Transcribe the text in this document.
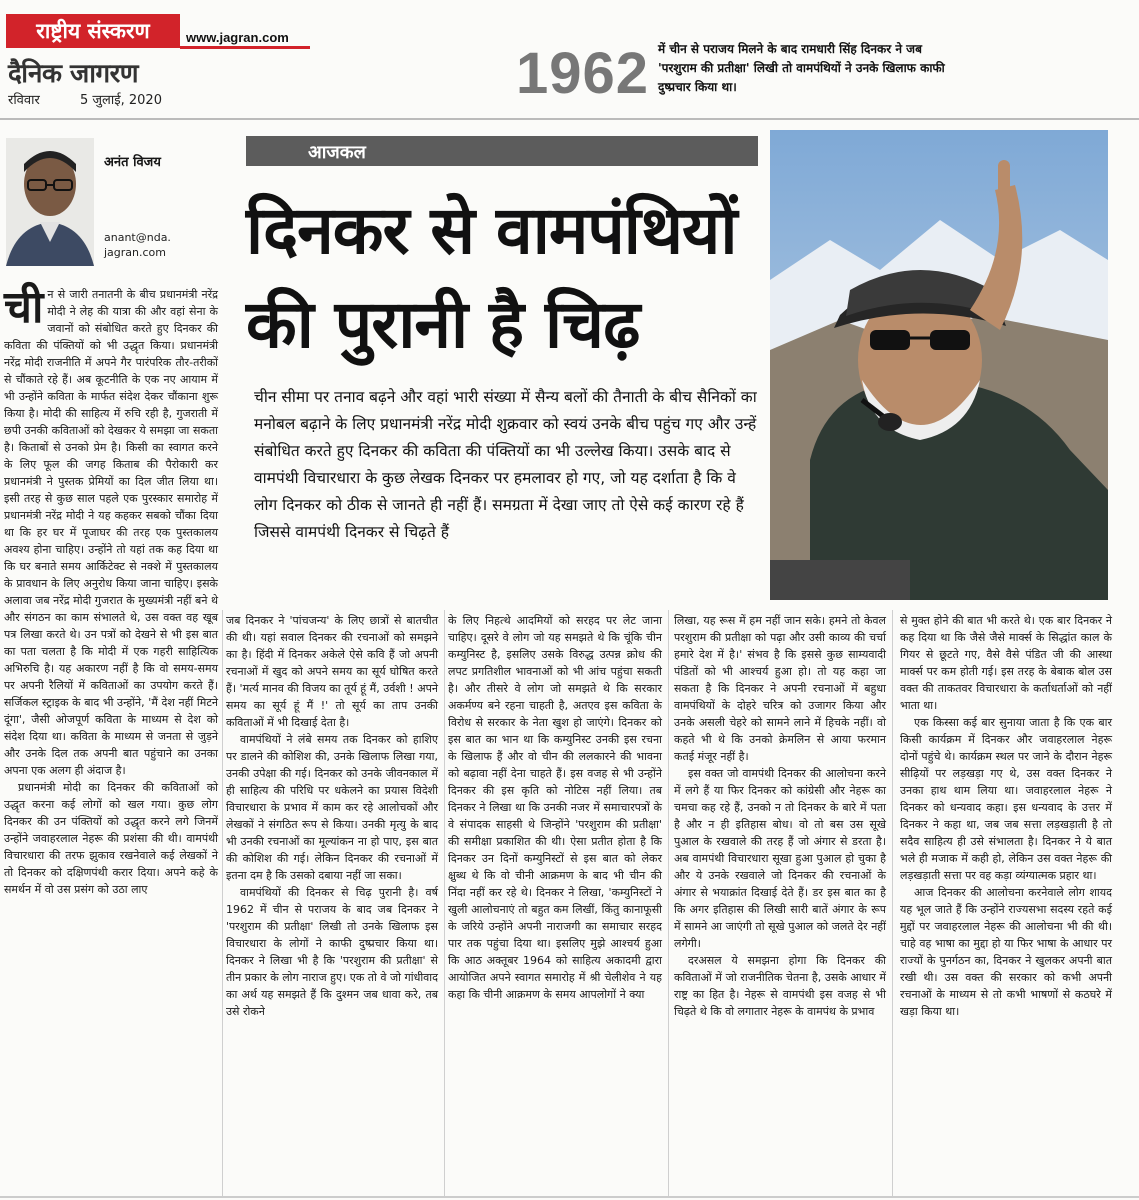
राष्ट्रीय संस्करण	www.jagran.com
दैनिक जागरण
रविवार	5 जुलाई, 2020	1962 में चीन से पराजय मिलने के बाद रामधारी सिंह दिनकर ने जब 'परशुराम की प्रतीक्षा' लिखी तो वामपंथियों ने उनके खिलाफ काफी दुष्प्रचार किया था।
अनंत विजय
anant@nda.
jagran.com
आजकल
दिनकर से वामपंथियों
की पुरानी है चिढ़
चीन सीमा पर तनाव बढ़ने और वहां भारी संख्या में सैन्य बलों की तैनाती के बीच सैनिकों का मनोबल बढ़ाने के लिए प्रधानमंत्री नरेंद्र मोदी शुक्रवार को स्वयं उनके बीच पहुंच गए और उन्हें संबोधित करते हुए दिनकर की कविता की पंक्तियों का भी उल्लेख किया। उसके बाद से वामपंथी विचारधारा के कुछ लेखक दिनकर पर हमलावर हो गए, जो यह दर्शाता है कि वे लोग दिनकर को ठीक से जानते ही नहीं हैं। समग्रता में देखा जाए तो ऐसे कई कारण रहे हैं जिससे वामपंथी दिनकर से चिढ़ते हैं

चीन से जारी तनातनी के बीच प्रधानमंत्री नरेंद्र मोदी ने लेह की यात्रा की और वहां सेना के जवानों को संबोधित करते हुए दिनकर की कविता की पंक्तियों को भी उद्धृत किया। प्रधानमंत्री नरेंद्र मोदी राजनीति में अपने गैर पारंपरिक तौर-तरीकों से चौंकाते रहे हैं। अब कूटनीति के एक नए आयाम में भी उन्होंने कविता के मार्फत संदेश देकर चौंकाना शुरू किया है। मोदी की साहित्य में रुचि रही है, गुजराती में छपी उनकी कविताओं को देखकर ये समझा जा सकता है। किताबों से उनको प्रेम है। किसी का स्वागत करने के लिए फूल की जगह किताब की पैरोकारी कर प्रधानमंत्री ने पुस्तक प्रेमियों का दिल जीत लिया था। इसी तरह से कुछ साल पहले एक पुरस्कार समारोह में प्रधानमंत्री नरेंद्र मोदी ने यह कहकर सबको चौंका दिया था कि हर घर में पूजाघर की तरह एक पुस्तकालय अवश्य होना चाहिए। उन्होंने तो यहां तक कह दिया था कि घर बनाते समय आर्किटेक्ट से नक्शे में पुस्तकालय के प्रावधान के लिए अनुरोध किया जाना चाहिए। इसके अलावा जब नरेंद्र मोदी गुजरात के मुख्यमंत्री नहीं बने थे और संगठन का काम संभालते थे, उस वक्त वह खूब पत्र लिखा करते थे। उन पत्रों को देखने से भी इस बात का पता चलता है कि मोदी में एक गहरी साहित्यिक अभिरुचि है। यह अकारण नहीं है कि वो समय-समय पर अपनी रैलियों में कविताओं का उपयोग करते हैं। सर्जिकल स्ट्राइक के बाद भी उन्होंने, 'मैं देश नहीं मिटने दूंगा', जैसी ओजपूर्ण कविता के माध्यम से देश को संदेश दिया था। कविता के माध्यम से जनता से जुड़ने और उनके दिल तक अपनी बात पहुंचाने का उनका अपना एक अलग ही अंदाज है।

प्रधानमंत्री मोदी का दिनकर की कविताओं को उद्धृत करना कई लोगों को खल गया। कुछ लोग दिनकर की उन पंक्तियों को उद्धृत करने लगे जिनमें उन्होंने जवाहरलाल नेहरू की प्रशंसा की थी। वामपंथी विचारधारा की तरफ झुकाव रखनेवाले कई लेखकों ने तो दिनकर को दक्षिणपंथी करार दिया। अपने कहे के समर्थन में वो उस प्रसंग को उठा लाए

जब दिनकर ने 'पांचजन्य' के लिए छात्रों से बातचीत की थी। यहां सवाल दिनकर की रचनाओं को समझने का है। हिंदी में दिनकर अकेले ऐसे कवि हैं जो अपनी रचनाओं में खुद को अपने समय का सूर्य घोषित करते हैं। 'मर्त्य मानव की विजय का तूर्य हूं मैं, उर्वशी ! अपने समय का सूर्य हूं मैं !' तो सूर्य का ताप उनकी कविताओं में भी दिखाई देता है।

वामपंथियों ने लंबे समय तक दिनकर को हाशिए पर डालने की कोशिश की, उनके खिलाफ लिखा गया, उनकी उपेक्षा की गई। दिनकर को उनके जीवनकाल में ही साहित्य की परिधि पर धकेलने का प्रयास विदेशी विचारधारा के प्रभाव में काम कर रहे आलोचकों और लेखकों ने संगठित रूप से किया। उनकी मृत्यु के बाद भी उनकी रचनाओं का मूल्यांकन ना हो पाए, इस बात की कोशिश की गई। लेकिन दिनकर की रचनाओं में इतना दम है कि उसको दबाया नहीं जा सका।

वामपंथियों की दिनकर से चिढ़ पुरानी है। वर्ष 1962 में चीन से पराजय के बाद जब दिनकर ने 'परशुराम की प्रतीक्षा' लिखी तो उनके खिलाफ इस विचारधारा के लोगों ने काफी दुष्प्रचार किया था। दिनकर ने लिखा भी है कि 'परशुराम की प्रतीक्षा' से तीन प्रकार के लोग नाराज हुए। एक तो वे जो गांधीवाद का अर्थ यह समझते हैं कि दुश्मन जब धावा करे, तब उसे रोकने

के लिए निहत्थे आदमियों को सरहद पर लेट जाना चाहिए। दूसरे वे लोग जो यह समझते थे कि चूंकि चीन कम्युनिस्ट है, इसलिए उसके विरुद्ध उत्पन्न क्रोध की लपट प्रगतिशील भावनाओं को भी आंच पहुंचा सकती है। और तीसरे वे लोग जो समझते थे कि सरकार अकर्मण्य बने रहना चाहती है, अतएव इस कविता के विरोध से सरकार के नेता खुश हो जाएंगे। दिनकर को इस बात का भान था कि कम्युनिस्ट उनकी इस रचना के खिलाफ हैं और वो चीन की ललकारने की भावना को बढ़ावा नहीं देना चाहते हैं। इस वजह से भी उन्होंने दिनकर की इस कृति को नोटिस नहीं लिया। तब दिनकर ने लिखा था कि उनकी नजर में समाचारपत्रों के वे संपादक साहसी थे जिन्होंने 'परशुराम की प्रतीक्षा' की समीक्षा प्रकाशित की थी। ऐसा प्रतीत होता है कि दिनकर उन दिनों कम्युनिस्टों से इस बात को लेकर क्षुब्ध थे कि वो चीनी आक्रमण के बाद भी चीन की निंदा नहीं कर रहे थे। दिनकर ने लिखा, 'कम्युनिस्टों ने खुली आलोचनाएं तो बहुत कम लिखीं, किंतु कानाफूसी के जरिये उन्होंने अपनी नाराजगी का समाचार सरहद पार तक पहुंचा दिया था। इसलिए मुझे आश्चर्य हुआ कि आठ अक्तूबर 1964 को साहित्य अकादमी द्वारा आयोजित अपने स्वागत समारोह में श्री चेलीशेव ने यह कहा कि चीनी आक्रमण के समय आपलोगों ने क्या

लिखा, यह रूस में हम नहीं जान सके। हमने तो केवल परशुराम की प्रतीक्षा को पढ़ा और उसी काव्य की चर्चा हमारे देश में है।' संभव है कि इससे कुछ साम्यवादी पंडितों को भी आश्चर्य हुआ हो। तो यह कहा जा सकता है कि दिनकर ने अपनी रचनाओं में बहुधा वामपंथियों के दोहरे चरित्र को उजागर किया और उनके असली चेहरे को सामने लाने में हिचके नहीं। वो कहते भी थे कि उनको क्रेमलिन से आया फरमान कतई मंजूर नहीं है।

इस वक्त जो वामपंथी दिनकर की आलोचना करने में लगे हैं या फिर दिनकर को कांग्रेसी और नेहरू का चमचा कह रहे हैं, उनको न तो दिनकर के बारे में पता है और न ही इतिहास बोध। वो तो बस उस सूखे पुआल के रखवाले की तरह हैं जो अंगार से डरता है। अब वामपंथी विचारधारा सूखा हुआ पुआल हो चुका है और ये उनके रखवाले जो दिनकर की रचनाओं के अंगार से भयाक्रांत दिखाई देते हैं। डर इस बात का है कि अगर इतिहास की लिखी सारी बातें अंगार के रूप में सामने आ जाएंगी तो सूखे पुआल को जलते देर नहीं लगेगी।

दरअसल ये समझना होगा कि दिनकर की कविताओं में जो राजनीतिक चेतना है, उसके आधार में राष्ट्र का हित है। नेहरू से वामपंथी इस वजह से भी चिढ़ते थे कि वो लगातार नेहरू के वामपंथ के प्रभाव

से मुक्त होने की बात भी करते थे। एक बार दिनकर ने कह दिया था कि जैसे जैसे मार्क्स के सिद्धांत काल के गियर से छूटते गए, वैसे वैसे पंडित जी की आस्था मार्क्स पर कम होती गई। इस तरह के बेबाक बोल उस वक्त की ताकतवर विचारधारा के कर्ताधर्ताओं को नहीं भाता था।

एक किस्सा कई बार सुनाया जाता है कि एक बार किसी कार्यक्रम में दिनकर और जवाहरलाल नेहरू दोनों पहुंचे थे। कार्यक्रम स्थल पर जाने के दौरान नेहरू सीढ़ियों पर लड़खड़ा गए थे, उस वक्त दिनकर ने उनका हाथ थाम लिया था। जवाहरलाल नेहरू ने दिनकर को धन्यवाद कहा। इस धन्यवाद के उत्तर में दिनकर ने कहा था, जब जब सत्ता लड़खड़ाती है तो सदैव साहित्य ही उसे संभालता है। दिनकर ने ये बात भले ही मजाक में कही हो, लेकिन उस वक्त नेहरू की लड़खड़ाती सत्ता पर वह कड़ा व्यंग्यात्मक प्रहार था।

आज दिनकर की आलोचना करनेवाले लोग शायद यह भूल जाते हैं कि उन्होंने राज्यसभा सदस्य रहते कई मुद्दों पर जवाहरलाल नेहरू की आलोचना भी की थी। चाहे वह भाषा का मुद्दा हो या फिर भाषा के आधार पर राज्यों के पुनर्गठन का, दिनकर ने खुलकर अपनी बात रखी थी। उस वक्त की सरकार को कभी अपनी रचनाओं के माध्यम से तो कभी भाषणों से कठघरे में खड़ा किया था।
